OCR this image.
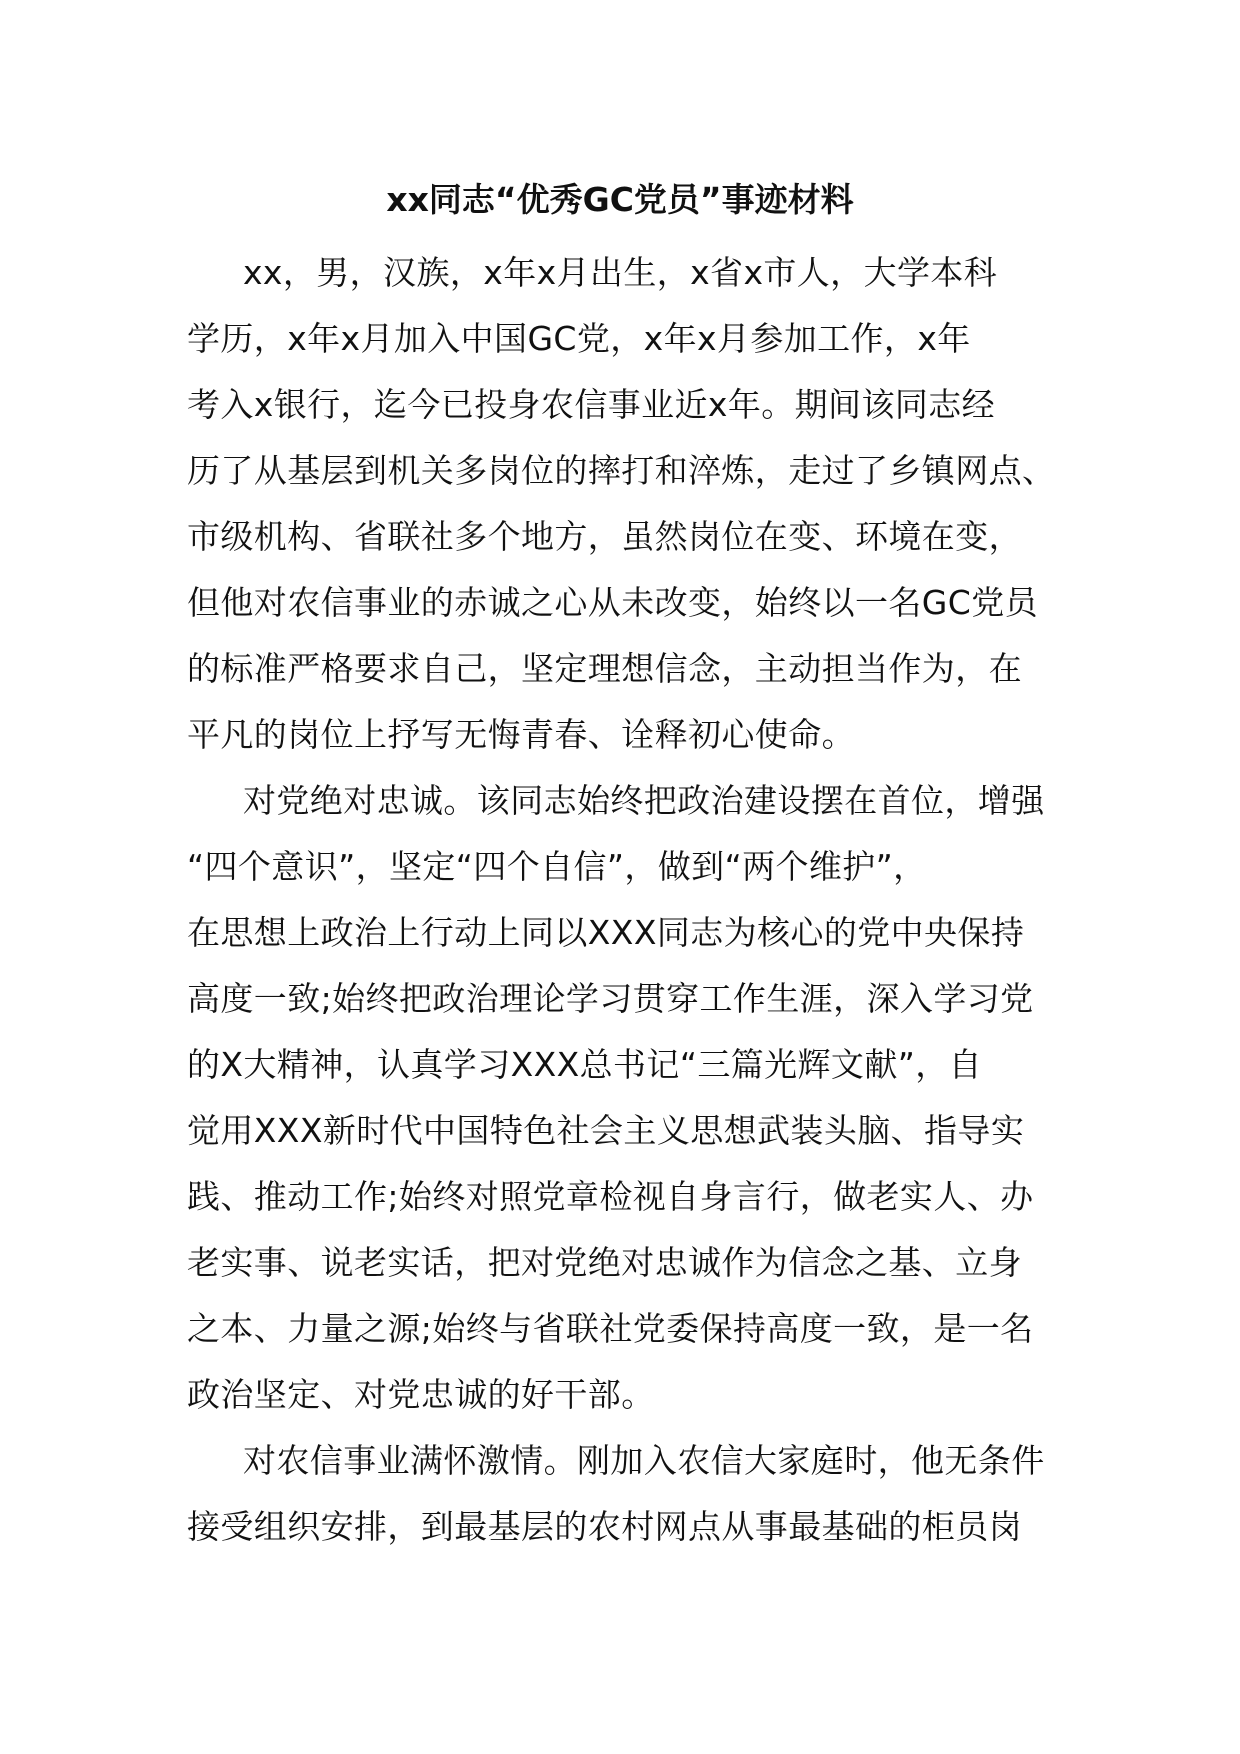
xx同志“优秀GC党员”事迹材料
xx，男，汉族，x年x月出生，x省x市人，大学本科
学历，x年x月加入中国GC党，x年x月参加工作，x年
考入x银行，迄今已投身农信事业近x年。期间该同志经
历了从基层到机关多岗位的摔打和淬炼，走过了乡镇网点、
市级机构、省联社多个地方，虽然岗位在变、环境在变，
但他对农信事业的赤诚之心从未改变，始终以一名GC党员
的标准严格要求自己，坚定理想信念，主动担当作为，在
平凡的岗位上抒写无悔青春、诠释初心使命。
对党绝对忠诚。该同志始终把政治建设摆在首位，增强
“四个意识”，坚定“四个自信”，做到“两个维护”，
在思想上政治上行动上同以XXX同志为核心的党中央保持
高度一致;始终把政治理论学习贯穿工作生涯，深入学习党
的X大精神，认真学习XXX总书记“三篇光辉文献”，自
觉用XXX新时代中国特色社会主义思想武装头脑、指导实
践、推动工作;始终对照党章检视自身言行，做老实人、办
老实事、说老实话，把对党绝对忠诚作为信念之基、立身
之本、力量之源;始终与省联社党委保持高度一致，是一名
政治坚定、对党忠诚的好干部。
对农信事业满怀激情。刚加入农信大家庭时，他无条件
接受组织安排，到最基层的农村网点从事最基础的柜员岗
